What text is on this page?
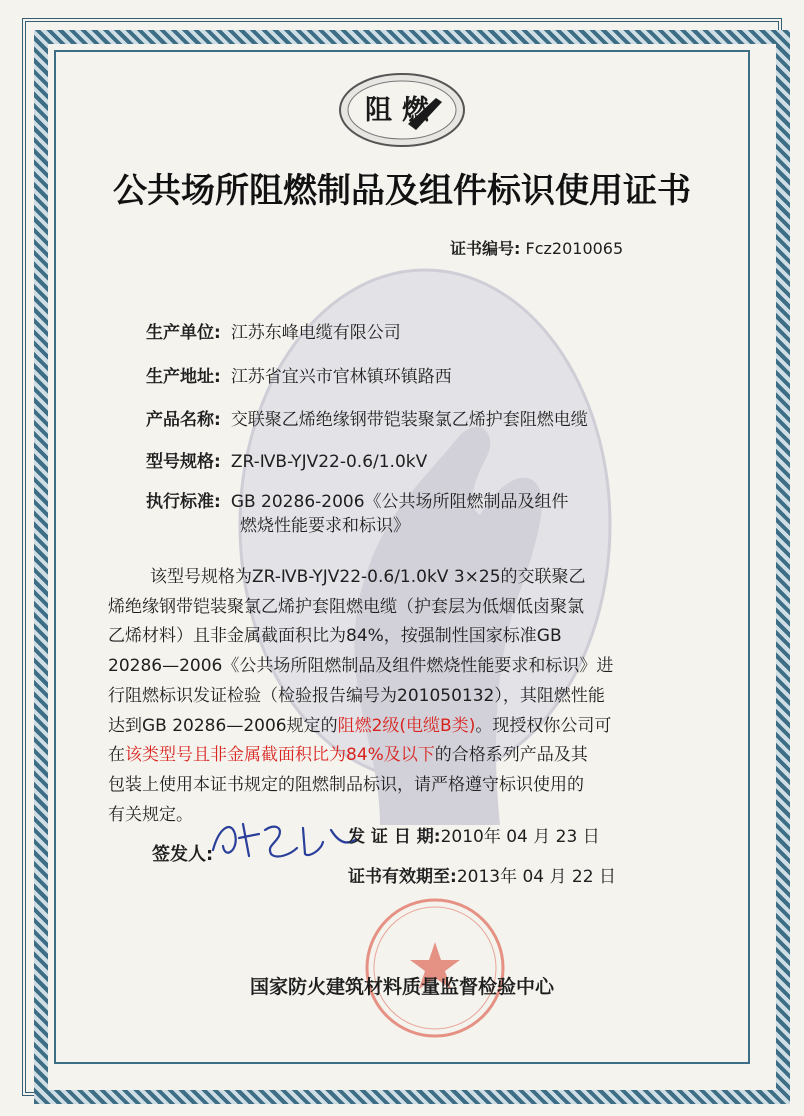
阻燃
公共场所阻燃制品及组件标识使用证书
证书编号: Fcz2010065
生产单位: 江苏东峰电缆有限公司
生产地址: 江苏省宜兴市官林镇环镇路西
产品名称: 交联聚乙烯绝缘钢带铠装聚氯乙烯护套阻燃电缆
型号规格: ZR-ⅣB-YJV22-0.6/1.0kV
执行标准: GB 20286-2006《公共场所阻燃制品及组件
燃烧性能要求和标识》

该型号规格为ZR-ⅣB-YJV22-0.6/1.0kV 3×25的交联聚乙

烯绝缘钢带铠装聚氯乙烯护套阻燃电缆（护套层为低烟低卤聚氯

乙烯材料）且非金属截面积比为84%，按强制性国家标准GB

20286—2006《公共场所阻燃制品及组件燃烧性能要求和标识》进

行阻燃标识发证检验（检验报告编号为201050132），其阻燃性能

达到GB 20286—2006规定的阻燃2级(电缆B类)。现授权你公司可

在该类型号且非金属截面积比为84%及以下的合格系列产品及其

包装上使用本证书规定的阻燃制品标识，请严格遵守标识使用的

有关规定。

签发人:
发 证 日 期:2010年 04 月 23 日
证书有效期至:2013年 04 月 22 日
国家防火建筑材料质量监督检验中心
